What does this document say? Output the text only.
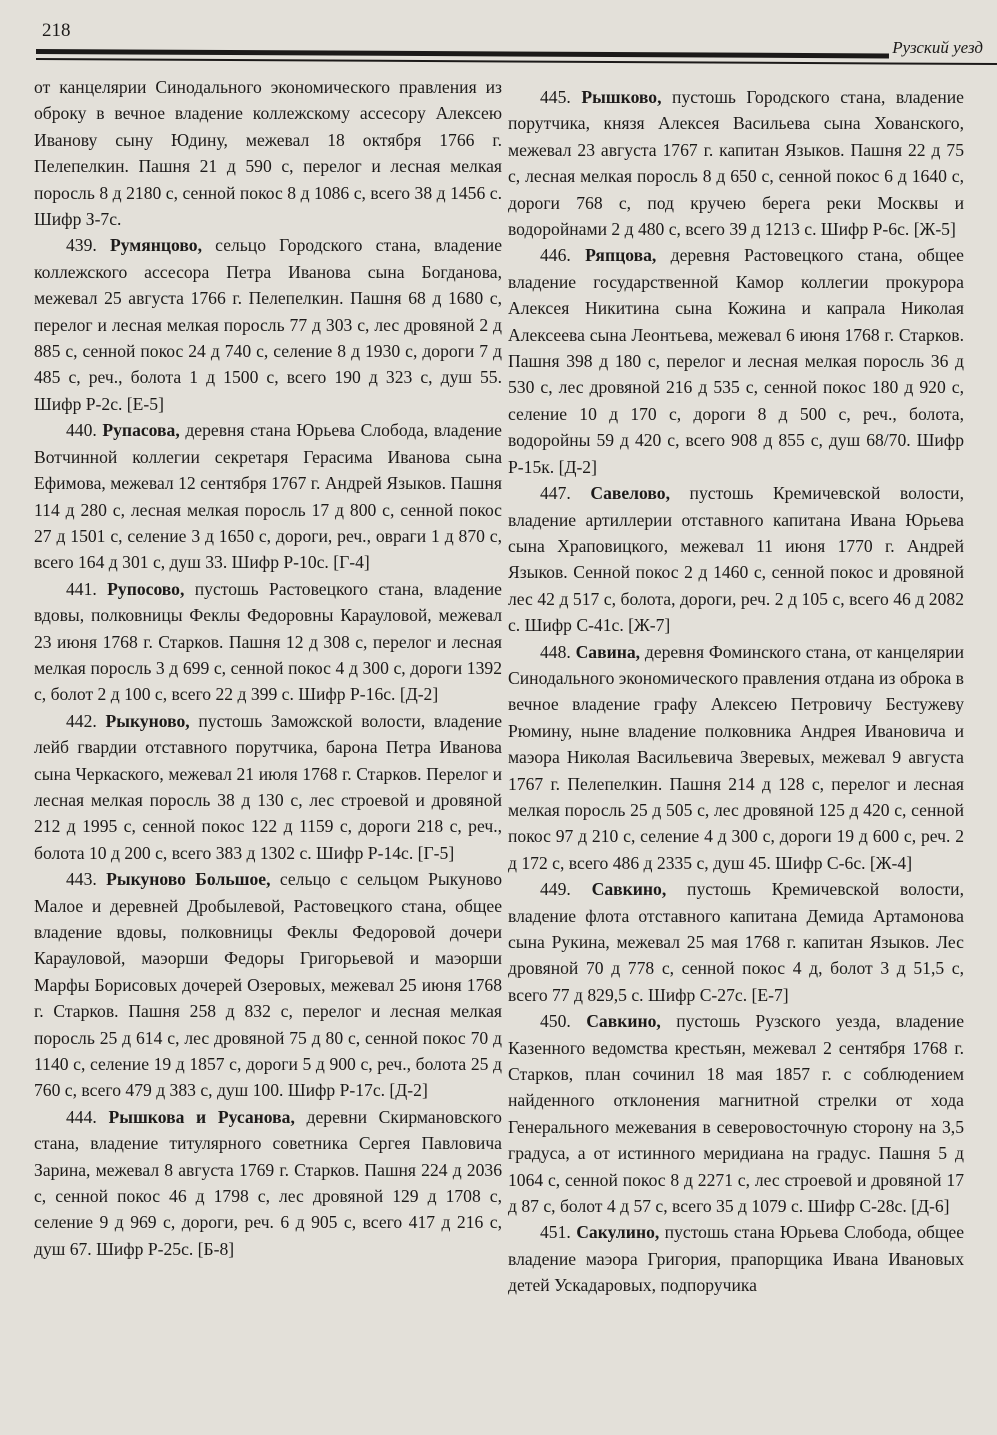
218
Рузский уезд

от канцелярии Синодального экономического правления из оброку в вечное владение коллежскому ассесору Алексею Иванову сыну Юдину, межевал 18 октября 1766 г. Пелепелкин. Пашня 21 д 590 с, перелог и лесная мелкая поросль 8 д 2180 с, сенной покос 8 д 1086 с, всего 38 д 1456 с. Шифр З-7с.

439. Румянцово, сельцо Городского стана, владение коллежского ассесора Петра Иванова сына Богданова, межевал 25 августа 1766 г. Пелепелкин. Пашня 68 д 1680 с, перелог и лесная мелкая поросль 77 д 303 с, лес дровяной 2 д 885 с, сенной покос 24 д 740 с, селение 8 д 1930 с, дороги 7 д 485 с, реч., болота 1 д 1500 с, всего 190 д 323 с, душ 55. Шифр Р-2с. [Е-5]

440. Рупасова, деревня стана Юрьева Слобода, владение Вотчинной коллегии секретаря Герасима Иванова сына Ефимова, межевал 12 сентября 1767 г. Андрей Языков. Пашня 114 д 280 с, лесная мелкая поросль 17 д 800 с, сенной покос 27 д 1501 с, селение 3 д 1650 с, дороги, реч., овраги 1 д 870 с, всего 164 д 301 с, душ 33. Шифр Р-10с. [Г-4]

441. Рупосово, пустошь Растовецкого стана, владение вдовы, полковницы Феклы Федоровны Карауловой, межевал 23 июня 1768 г. Старков. Пашня 12 д 308 с, перелог и лесная мелкая поросль 3 д 699 с, сенной покос 4 д 300 с, дороги 1392 с, болот 2 д 100 с, всего 22 д 399 с. Шифр Р-16с. [Д-2]

442. Рыкуново, пустошь Заможской волости, владение лейб гвардии отставного порутчика, барона Петра Иванова сына Черкаского, межевал 21 июля 1768 г. Старков. Перелог и лесная мелкая поросль 38 д 130 с, лес строевой и дровяной 212 д 1995 с, сенной покос 122 д 1159 с, дороги 218 с, реч., болота 10 д 200 с, всего 383 д 1302 с. Шифр Р-14с. [Г-5]

443. Рыкуново Большое, сельцо с сельцом Рыкуново Малое и деревней Дробылевой, Растовецкого стана, общее владение вдовы, полковницы Феклы Федоровой дочери Карауловой, маэорши Федоры Григорьевой и маэорши Марфы Борисовых дочерей Озеровых, межевал 25 июня 1768 г. Старков. Пашня 258 д 832 с, перелог и лесная мелкая поросль 25 д 614 с, лес дровяной 75 д 80 с, сенной покос 70 д 1140 с, селение 19 д 1857 с, дороги 5 д 900 с, реч., болота 25 д 760 с, всего 479 д 383 с, душ 100. Шифр Р-17с. [Д-2]

444. Рышкова и Русанова, деревни Скирмановского стана, владение титулярного советника Сергея Павловича Зарина, межевал 8 августа 1769 г. Старков. Пашня 224 д 2036 с, сенной покос 46 д 1798 с, лес дровяной 129 д 1708 с, селение 9 д 969 с, дороги, реч. 6 д 905 с, всего 417 д 216 с, душ 67. Шифр Р-25с. [Б-8]

445. Рышково, пустошь Городского стана, владение порутчика, князя Алексея Васильева сына Хованского, межевал 23 августа 1767 г. капитан Языков. Пашня 22 д 75 с, лесная мелкая поросль 8 д 650 с, сенной покос 6 д 1640 с, дороги 768 с, под кручею берега реки Москвы и водоройнами 2 д 480 с, всего 39 д 1213 с. Шифр Р-6с. [Ж-5]

446. Ряпцова, деревня Растовецкого стана, общее владение государственной Камор коллегии прокурора Алексея Никитина сына Кожина и капрала Николая Алексеева сына Леонтьева, межевал 6 июня 1768 г. Старков. Пашня 398 д 180 с, перелог и лесная мелкая поросль 36 д 530 с, лес дровяной 216 д 535 с, сенной покос 180 д 920 с, селение 10 д 170 с, дороги 8 д 500 с, реч., болота, водоройны 59 д 420 с, всего 908 д 855 с, душ 68/70. Шифр Р-15к. [Д-2]

447. Савелово, пустошь Кремичевской волости, владение артиллерии отставного капитана Ивана Юрьева сына Храповицкого, межевал 11 июня 1770 г. Андрей Языков. Сенной покос 2 д 1460 с, сенной покос и дровяной лес 42 д 517 с, болота, дороги, реч. 2 д 105 с, всего 46 д 2082 с. Шифр С-41с. [Ж-7]

448. Савина, деревня Фоминского стана, от канцелярии Синодального экономического правления отдана из оброка в вечное владение графу Алексею Петровичу Бестужеву Рюмину, ныне владение полковника Андрея Ивановича и маэора Николая Васильевича Зверевых, межевал 9 августа 1767 г. Пелепелкин. Пашня 214 д 128 с, перелог и лесная мелкая поросль 25 д 505 с, лес дровяной 125 д 420 с, сенной покос 97 д 210 с, селение 4 д 300 с, дороги 19 д 600 с, реч. 2 д 172 с, всего 486 д 2335 с, душ 45. Шифр С-6с. [Ж-4]

449. Савкино, пустошь Кремичевской волости, владение флота отставного капитана Демида Артамонова сына Рукина, межевал 25 мая 1768 г. капитан Языков. Лес дровяной 70 д 778 с, сенной покос 4 д, болот 3 д 51,5 с, всего 77 д 829,5 с. Шифр С-27с. [Е-7]

450. Савкино, пустошь Рузского уезда, владение Казенного ведомства крестьян, межевал 2 сентября 1768 г. Старков, план сочинил 18 мая 1857 г. с соблюдением найденного отклонения магнитной стрелки от хода Генерального межевания в северовосточную сторону на 3,5 градуса, а от истинного меридиана на градус. Пашня 5 д 1064 с, сенной покос 8 д 2271 с, лес строевой и дровяной 17 д 87 с, болот 4 д 57 с, всего 35 д 1079 с. Шифр С-28с. [Д-6]

451. Сакулино, пустошь стана Юрьева Слобода, общее владение маэора Григория, прапорщика Ивана Ивановых детей Ускадаровых, подпоручика
